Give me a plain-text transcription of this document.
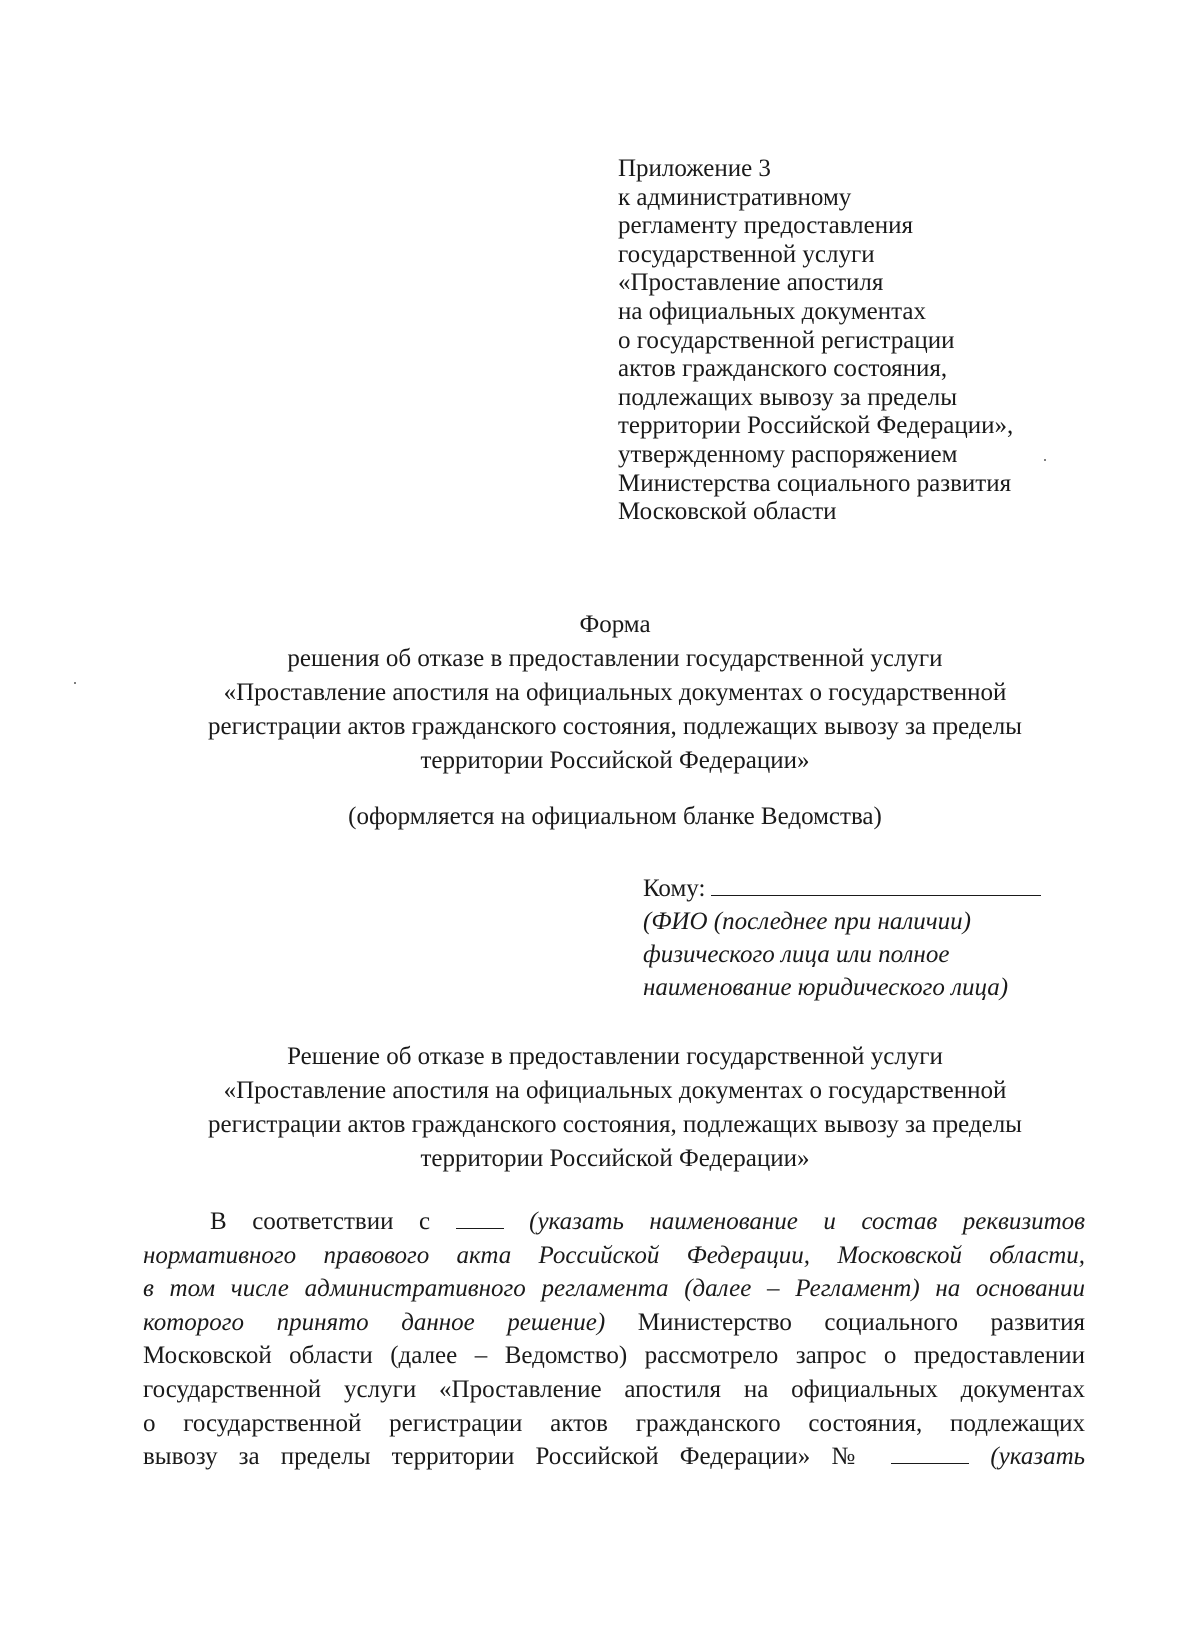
Приложение 3
к административному
регламенту предоставления
государственной услуги
«Проставление апостиля
на официальных документах
о государственной регистрации
актов гражданского состояния,
подлежащих вывозу за пределы
территории Российской Федерации»,
утвержденному распоряжением
Министерства социального развития
Московской области
Форма
решения об отказе в предоставлении государственной услуги
«Проставление апостиля на официальных документах о государственной
регистрации актов гражданского состояния, подлежащих вывозу за пределы
территории Российской Федерации»
(оформляется на официальном бланке Ведомства)
Кому:
(ФИО (последнее при наличии)
физического лица или полное
наименование юридического лица)
Решение об отказе в предоставлении государственной услуги
«Проставление апостиля на официальных документах о государственной
регистрации актов гражданского состояния, подлежащих вывозу за пределы
территории Российской Федерации»
В соответствии с	(указать наименование и состав реквизитов
нормативного правового акта Российской Федерации, Московской области,
в том числе административного регламента (далее – Регламент) на основании
которого принято данное решение) Министерство социального развития
Московской области (далее – Ведомство) рассмотрело запрос о предоставлении
государственной услуги «Проставление апостиля на официальных документах
о государственной регистрации актов гражданского состояния, подлежащих
вывозу за пределы территории Российской Федерации» №	(указать
